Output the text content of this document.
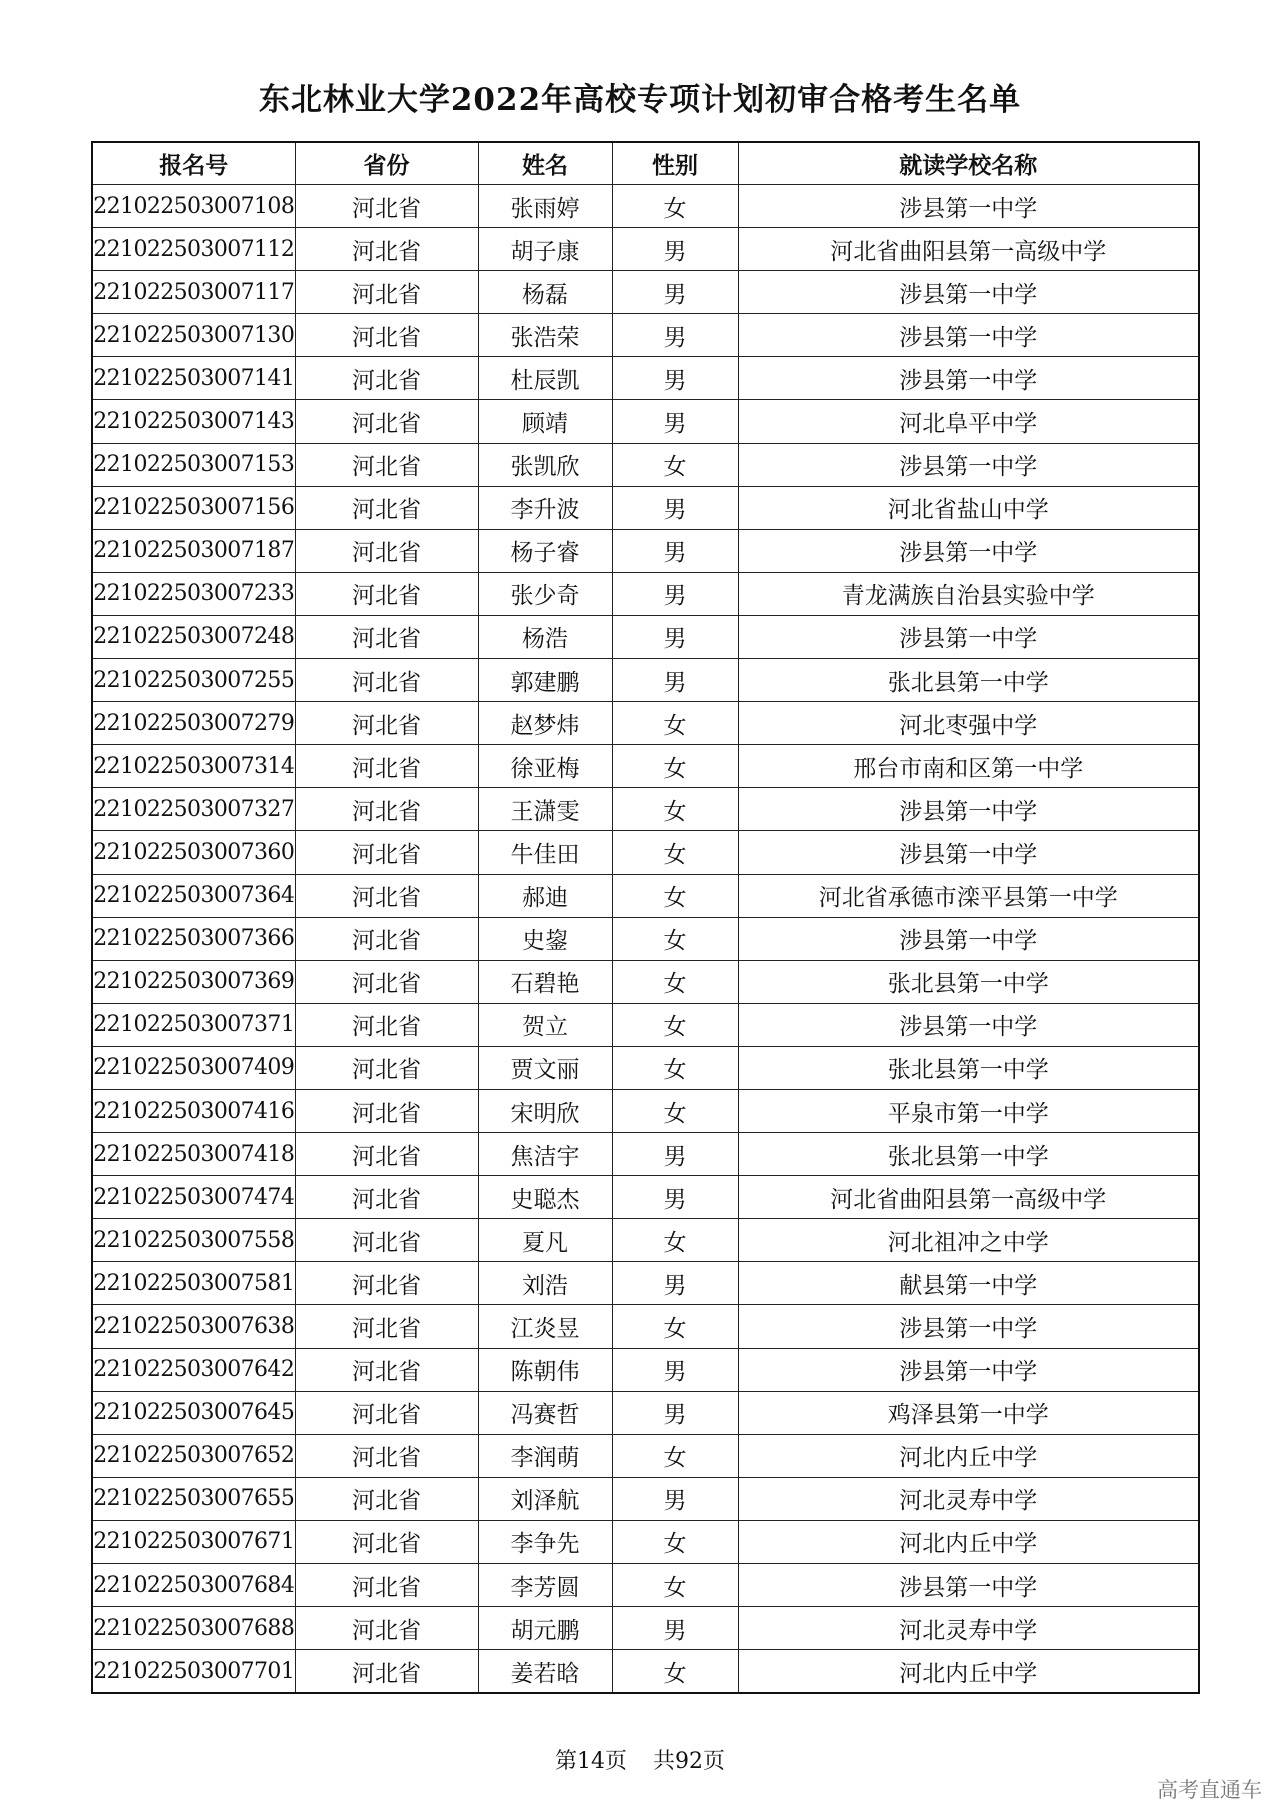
东北林业大学2022年高校专项计划初审合格考生名单
报名号	省份	姓名	性别	就读学校名称
22102250300​7108	河北省	张雨婷	女	涉县第一中学
221022503007112	河北省	胡子康	男	河北省曲阳县第一高级中学
221022503007117	河北省	杨磊	男	涉县第一中学
221022503007130	河北省	张浩荣	男	涉县第一中学
221022503007141	河北省	杜辰凯	男	涉县第一中学
221022503007143	河北省	顾靖	男	河北阜平中学
221022503007153	河北省	张凯欣	女	涉县第一中学
221022503007156	河北省	李升波	男	河北省盐山中学
221022503007187	河北省	杨子睿	男	涉县第一中学
221022503007233	河北省	张少奇	男	青龙满族自治县实验中学
221022503007248	河北省	杨浩	男	涉县第一中学
221022503007255	河北省	郭建鹏	男	张北县第一中学
221022503007279	河北省	赵梦炜	女	河北枣强中学
221022503007314	河北省	徐亚梅	女	邢台市南和区第一中学
221022503007327	河北省	王潇雯	女	涉县第一中学
221022503007360	河北省	牛佳田	女	涉县第一中学
221022503007364	河北省	郝迪	女	河北省承德市滦平县第一中学
221022503007366	河北省	史鋆	女	涉县第一中学
221022503007369	河北省	石碧艳	女	张北县第一中学
221022503007371	河北省	贺立	女	涉县第一中学
221022503007409	河北省	贾文丽	女	张北县第一中学
221022503007416	河北省	宋明欣	女	平泉市第一中学
221022503007418	河北省	焦洁宇	男	张北县第一中学
221022503007474	河北省	史聪杰	男	河北省曲阳县第一高级中学
221022503007558	河北省	夏凡	女	河北祖冲之中学
221022503007581	河北省	刘浩	男	献县第一中学
221022503007638	河北省	江炎昱	女	涉县第一中学
221022503007642	河北省	陈朝伟	男	涉县第一中学
221022503007645	河北省	冯赛哲	男	鸡泽县第一中学
221022503007652	河北省	李润萌	女	河北内丘中学
221022503007655	河北省	刘泽航	男	河北灵寿中学
221022503007671	河北省	李争先	女	河北内丘中学
221022503007684	河北省	李芳圆	女	涉县第一中学
221022503007688	河北省	胡元鹏	男	河北灵寿中学
221022503007701	河北省	姜若晗	女	河北内丘中学
第14页 共92页
高考直通车
